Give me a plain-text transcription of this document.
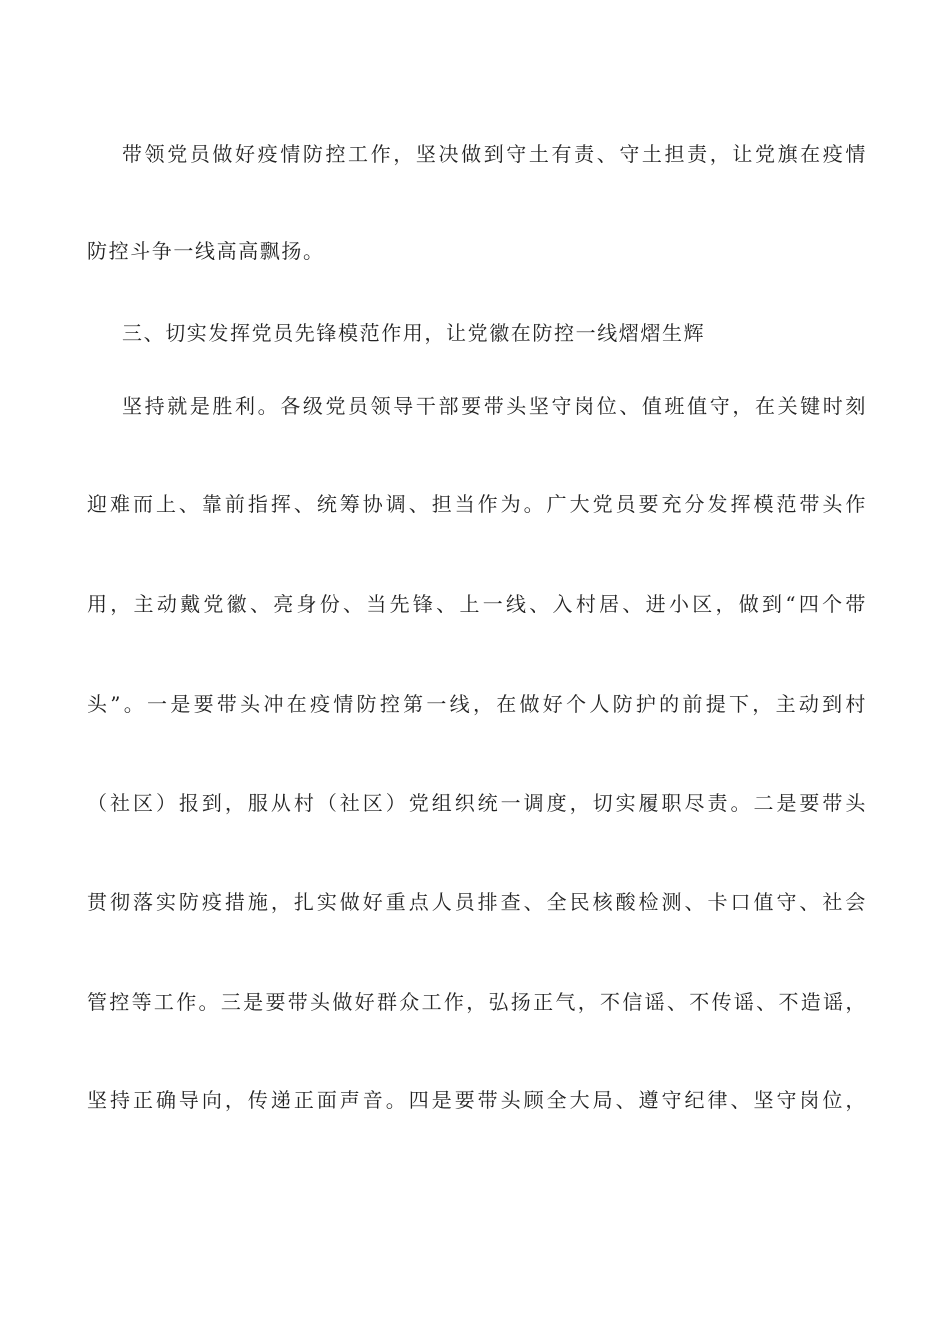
带领党员做好疫情防控工作，坚决做到守土有责、守土担责，让党旗在疫情
防控斗争一线高高飘扬。
三、切实发挥党员先锋模范作用，让党徽在防控一线熠熠生辉
坚持就是胜利。各级党员领导干部要带头坚守岗位、值班值守，在关键时刻
迎难而上、靠前指挥、统筹协调、担当作为。广大党员要充分发挥模范带头作
用，主动戴党徽、亮身份、当先锋、上一线、入村居、进小区，做到“四个带
头”。一是要带头冲在疫情防控第一线，在做好个人防护的前提下，主动到村
（社区）报到，服从村（社区）党组织统一调度，切实履职尽责。二是要带头
贯彻落实防疫措施，扎实做好重点人员排查、全民核酸检测、卡口值守、社会
管控等工作。三是要带头做好群众工作，弘扬正气，不信谣、不传谣、不造谣，
坚持正确导向，传递正面声音。四是要带头顾全大局、遵守纪律、坚守岗位，
